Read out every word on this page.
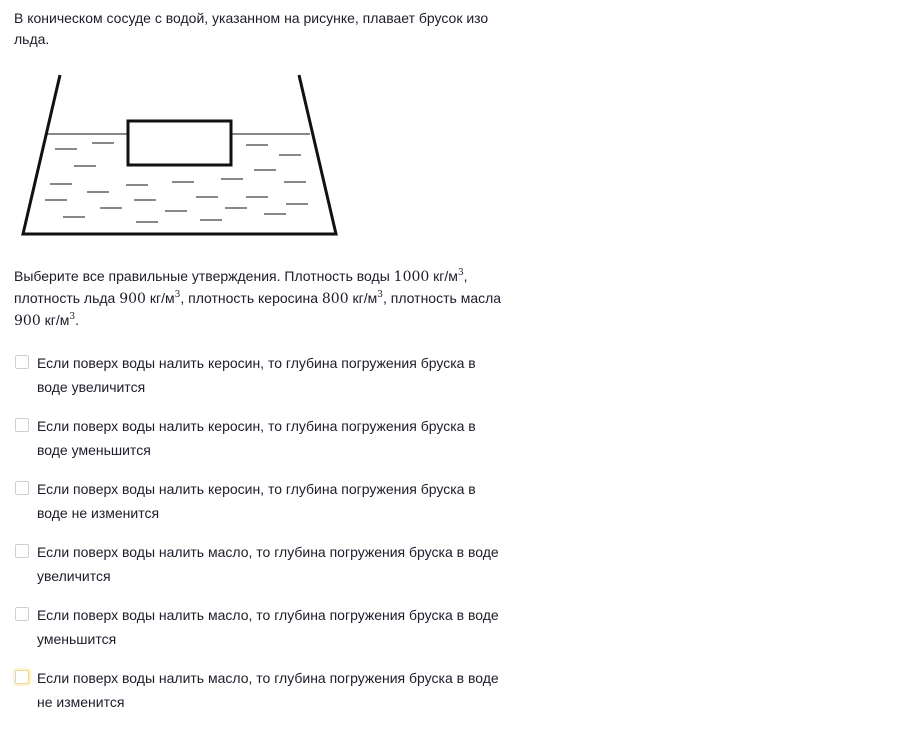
В коническом сосуде с водой, указанном на рисунке, плавает брусок изо льда.

Выберите все правильные утверждения. Плотность воды 1000 $кг/м^3$, плотность льда 900 $кг/м^3$, плотность керосина 800 $кг/м^3$, плотность масла
900 $кг/м^3$.

Если поверх воды налить керосин, то глубина погружения бруска в воде увеличится
Если поверх воды налить керосин, то глубина погружения бруска в воде уменьшится
Если поверх воды налить керосин, то глубина погружения бруска в воде не изменится
Если поверх воды налить масло, то глубина погружения бруска в воде увеличится
Если поверх воды налить масло, то глубина погружения бруска в воде уменьшится
Если поверх воды налить масло, то глубина погружения бруска в воде не изменится
